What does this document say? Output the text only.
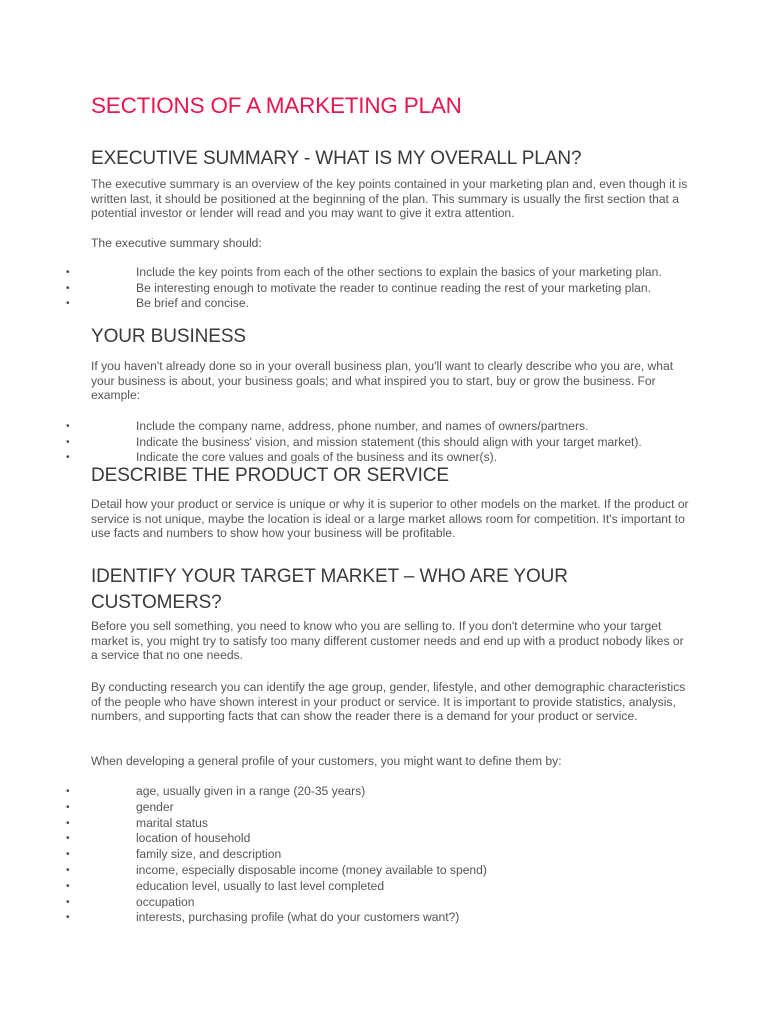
SECTIONS OF A MARKETING PLAN
EXECUTIVE SUMMARY - WHAT IS MY OVERALL PLAN?

The executive summary is an overview of the key points contained in your marketing plan and, even though it is written last, it should be positioned at the beginning of the plan. This summary is usually the first section that a potential investor or lender will read and you may want to give it extra attention.

The executive summary should:

•	Include the key points from each of the other sections to explain the basics of your marketing plan.
•	Be interesting enough to motivate the reader to continue reading the rest of your marketing plan.
•	Be brief and concise.
YOUR BUSINESS

If you haven't already done so in your overall business plan, you'll want to clearly describe who you are, what your business is about, your business goals; and what inspired you to start, buy or grow the business. For example:

•	Include the company name, address, phone number, and names of owners/partners.
•	Indicate the business' vision, and mission statement (this should align with your target market).
•	Indicate the core values and goals of the business and its owner(s).
DESCRIBE THE PRODUCT OR SERVICE

Detail how your product or service is unique or why it is superior to other models on the market. If the product or service is not unique, maybe the location is ideal or a large market allows room for competition. It's important to use facts and numbers to show how your business will be profitable.

IDENTIFY YOUR TARGET MARKET – WHO ARE YOUR CUSTOMERS?

Before you sell something, you need to know who you are selling to. If you don't determine who your target market is, you might try to satisfy too many different customer needs and end up with a product nobody likes or a service that no one needs.

By conducting research you can identify the age group, gender, lifestyle, and other demographic characteristics of the people who have shown interest in your product or service. It is important to provide statistics, analysis, numbers, and supporting facts that can show the reader there is a demand for your product or service.

When developing a general profile of your customers, you might want to define them by:

•	age, usually given in a range (20-35 years)
•	gender
•	marital status
•	location of household
•	family size, and description
•	income, especially disposable income (money available to spend)
•	education level, usually to last level completed
•	occupation
•	interests, purchasing profile (what do your customers want?)
